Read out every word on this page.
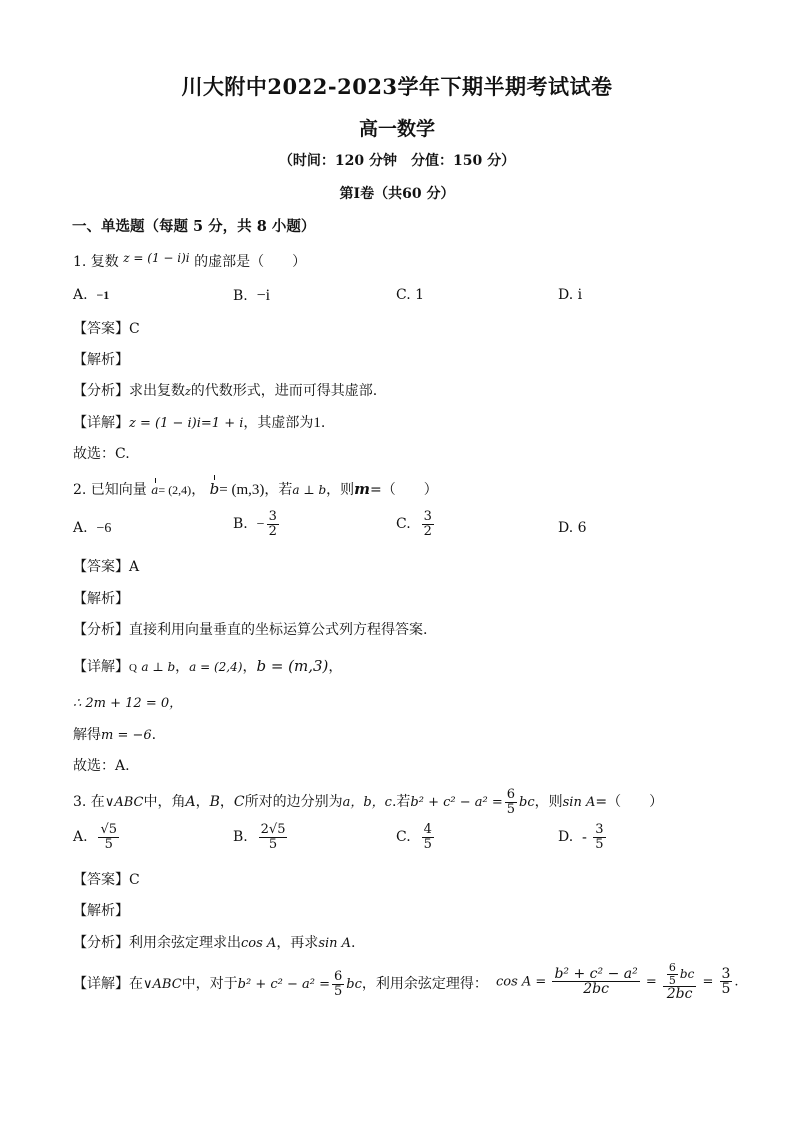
川大附中2022-2023学年下期半期考试试卷
高一数学
（时间：120 分钟　分值：150 分）
第Ⅰ卷（共60 分）
一、单选题（每题 5 分，共 8 小题）
1. 复数 z = (1 − i)i 的虚部是（　　）
A. −1	B. −i	C. 1	D. i
【答案】C
【解析】
【分析】求出复数z的代数形式，进而可得其虚部.
【详解】z = (1 − i)i=1 + i，其虚部为1.
故选：C.
2. 已知向量 a= (2,4)， b= (m,3)，若a ⊥ b，则m=（　　）
A. −6	B. − $\frac{3}{2}$	C. $\frac{3}{2}$	D. 6
【答案】A
【解析】
【分析】直接利用向量垂直的坐标运算公式列方程得答案.
【详解】Q a ⊥ b，a = (2,4)，b = (m,3)，
∴ 2m + 12 = 0，
解得m = −6.
故选：A.
3. 在∨ABC中，角A，B，C所对的边分别为a，b，c.若$b^2 + c^2 - a^2 = \frac{6}{5}$ bc，则sin A=（　　）
A. $\frac{√5}{5}$	B. $\frac{2√5}{5}$	C. $\frac{4}{5}$	D. - $\frac{3}{5}$
【答案】C
【解析】
【分析】利用余弦定理求出cos A，再求sin A.
【详解】在∨ABC中，对于$b^2 + c^2 - a^2 = \frac{6}{5}$ bc，利用余弦定理得： $\cos A = \frac{\text{b² + c² − a²}}{2bc} = \frac{\frac{6}{5} bc}{2bc} = \frac{3}{5}$ .
